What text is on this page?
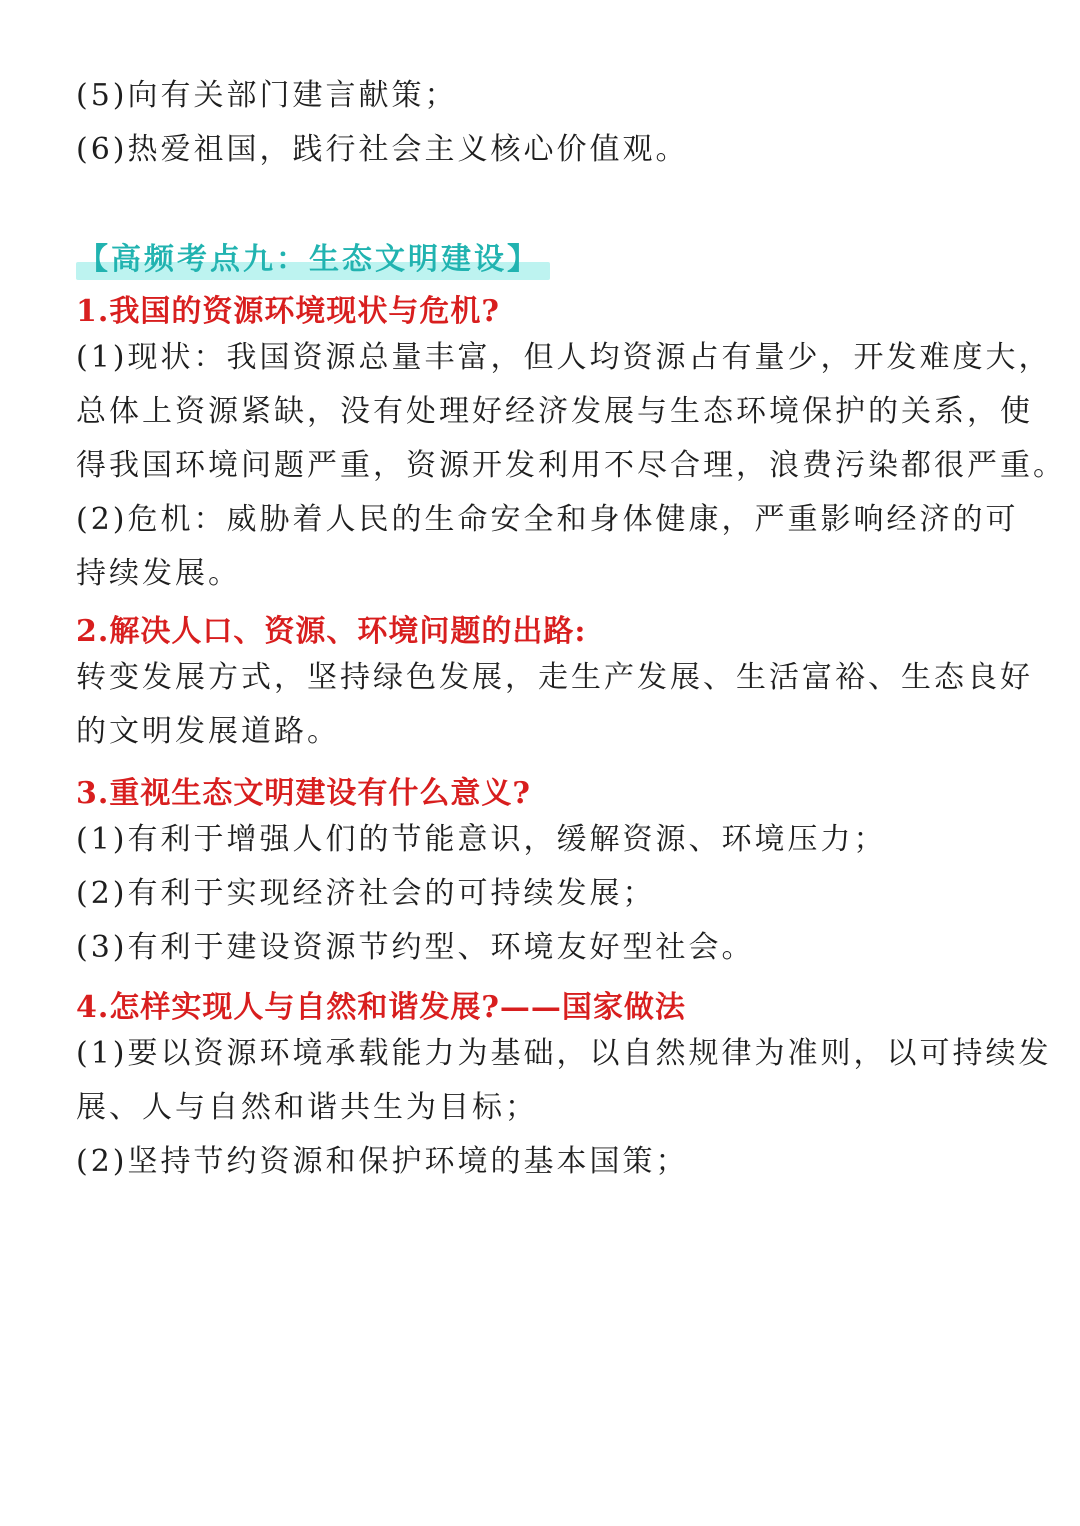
(5)向有关部门建言献策；
(6)热爱祖国，践行社会主义核心价值观。
【高频考点九：生态文明建设】
1.我国的资源环境现状与危机?
(1)现状：我国资源总量丰富，但人均资源占有量少，开发难度大，
总体上资源紧缺，没有处理好经济发展与生态环境保护的关系，使
得我国环境问题严重，资源开发利用不尽合理，浪费污染都很严重。
(2)危机：威胁着人民的生命安全和身体健康，严重影响经济的可
持续发展。
2.解决人口、资源、环境问题的出路:
转变发展方式，坚持绿色发展，走生产发展、生活富裕、生态良好
的文明发展道路。
3.重视生态文明建设有什么意义?
(1)有利于增强人们的节能意识，缓解资源、环境压力；
(2)有利于实现经济社会的可持续发展；
(3)有利于建设资源节约型、环境友好型社会。
4.怎样实现人与自然和谐发展?——国家做法
(1)要以资源环境承载能力为基础，以自然规律为准则，以可持续发
展、人与自然和谐共生为目标；
(2)坚持节约资源和保护环境的基本国策；
